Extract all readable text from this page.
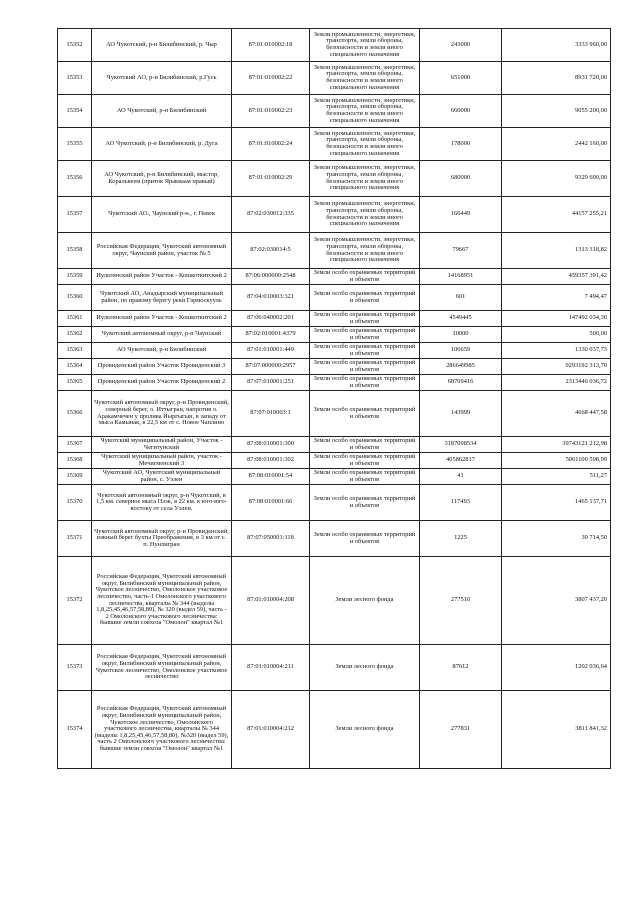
15352	АО Чукотский, р-н Билибинский, р. Чыр	87:01:010002:18	Земли промышленности, энергетики, транспорта, земли обороны, безопасности и земли иного специального назначения	243000	3333 960,00
15353	Чукотский АО, р-н Билибинский, р.Гусь	87:01:010002:22	Земли промышленности, энергетики, транспорта, земли обороны, безопасности и земли иного специального назначения	651000	8931 720,00
15354	АО Чукотский, р-н Билибинский	87:01:010002:23	Земли промышленности, энергетики, транспорта, земли обороны, безопасности и земли иного специального назначения	660000	9055 200,00
15355	АО Чукотский, р-н Билибинский, р. Дуга	87:01:010002:24	Земли промышленности, энергетики, транспорта, земли обороны, безопасности и земли иного специального назначения	178000	2442 160,00
15356	АО Чукотский, р-н Билибинский, мыстор, Коральвеем (приток Яракваам правый)	87:01:010002:29	Земли промышленности, энергетики, транспорта, земли обороны, безопасности и земли иного специального назначения	680000	9329 600,00
15357	Чукотский АО., Чаунский р-н., г. Певек	87:02:030012:335	Земли промышленности, энергетики, транспорта, земли обороны, безопасности и земли иного специального назначения	166449	44157 255,21
15358	Российская Федерация, Чукотский автономный округ, Чаунский район, участок № 5	87:02:030014:5	Земли промышленности, энергетики, транспорта, земли обороны, безопасности и земли иного специального назначения	79667	1313 318,82
15359	Иультинский район Участок - Кошкоткитский 2	87:06:000000:2548	Земли особо охраняемых территорий и объектов	14168951	459357 391,42
15360	Чукотский АО, Анадырский муниципальный район, по правому берегу реки Гармоскууль	87:04:010003:321	Земли особо охраняемых территорий и объектов	601	7 494,47
15361	Иультинский район Участок - Кошкоткитский 2	87:06:040002:201	Земли особо охраняемых территорий и объектов	4549445	147492 034,30
15362	Чукотский автономный округ, р-н Чаунский	87:02:010001:4379	Земли особо охраняемых территорий и объектов	10000	500,00
15363	АО Чукотский, р-н Билибинский	87:01:010001:449	Земли особо охраняемых территорий и объектов	106659	1330 037,73
15364	Провиденский район Участок Провиденский 3	87:07:000000:2957	Земли особо охраняемых территорий и объектов	286649985	9293192 313,70
15365	Провиденский район Участок Провиденский 2	87:07:010001:251	Земли особо охраняемых территорий и объектов	68709416	2313446 036,72
15366	Чукотский автономный округ, р-н Провиденский, северный берег, о. Иттыгран, напротив о. Аракамчечен у пролива Йыргыгын, в западу от мыса Камынак, в 22,5 км от с. Новое Чаплино	87:07:010003:1	Земли особо охраняемых территорий и объектов	143999	4668 447,58
15367	Чукотский муниципальный район, Участок - Чегитунский	87:08:010001:300	Земли особо охраняемых территорий и объектов	3187098534	39743121 212,98
15368	Чукотский муниципальный район, участок - Мечигменский 3	87:08:010001:302	Земли особо охраняемых территорий и объектов	405862817	5061100 598,99
15369	Чукотский АО, Чукотский муниципальный район, с. Уэлен	87:08:010001:54	Земли особо охраняемых территорий и объектов	41	511,27
15370	Чукотский автономный округ, р-н Чукотский, в 1,5 км. северное мыса Пээк, в 22 км. к юго-юго-востоку от села Уэлен.	87:08:010001:66	Земли особо охраняемых территорий и объектов	117493	1465 137,71
15371	Чукотский автономный округ, р-н Провиденский, южный берег бухты Преображения, в 3 км от с. п. Нунлигран	87:07:050001:118	Земли особо охраняемых территорий и объектов	1225	39 714,50
15372	Российская Федерация, Чукотский автономный округ, Билибинский муниципальный район, Чукотское лесничество, Омолонское участковое лесничество, часть-1 Омолонского участкового лесничества, кварталы № 344 (выделы 1,8,25,45,46,57,58,80), № 320 (выдел 59), часть - 2 Омолонского участкового лесничества: бывшие земли совхоза "Омолон" квартал №1	87:01:010004:208	Земли лесного фонда	277510	3807 437,20
15373	Российская Федерация, Чукотский автономный округ, Билибинский муниципальный район, Чукотское лесничество, Омолонское участковое лесничество	87:01:010004:211	Земли лесного фонда	87612	1202 036,64
15374	Российская Федерация, Чукотский автономный округ, Билибинский муниципальный район, Чукотское лесничество, Омолонского участкового лесничества, кварталы № 344 (выделы 1,8,25,45,46,57,58,80), №320 (выдел 59), часть 2 Омолонского участкового лесничества: бывшие земли совхоза "Омолон" квартал №1	87:01:010004:212	Земли лесного фонда	277831	3811 841,32
